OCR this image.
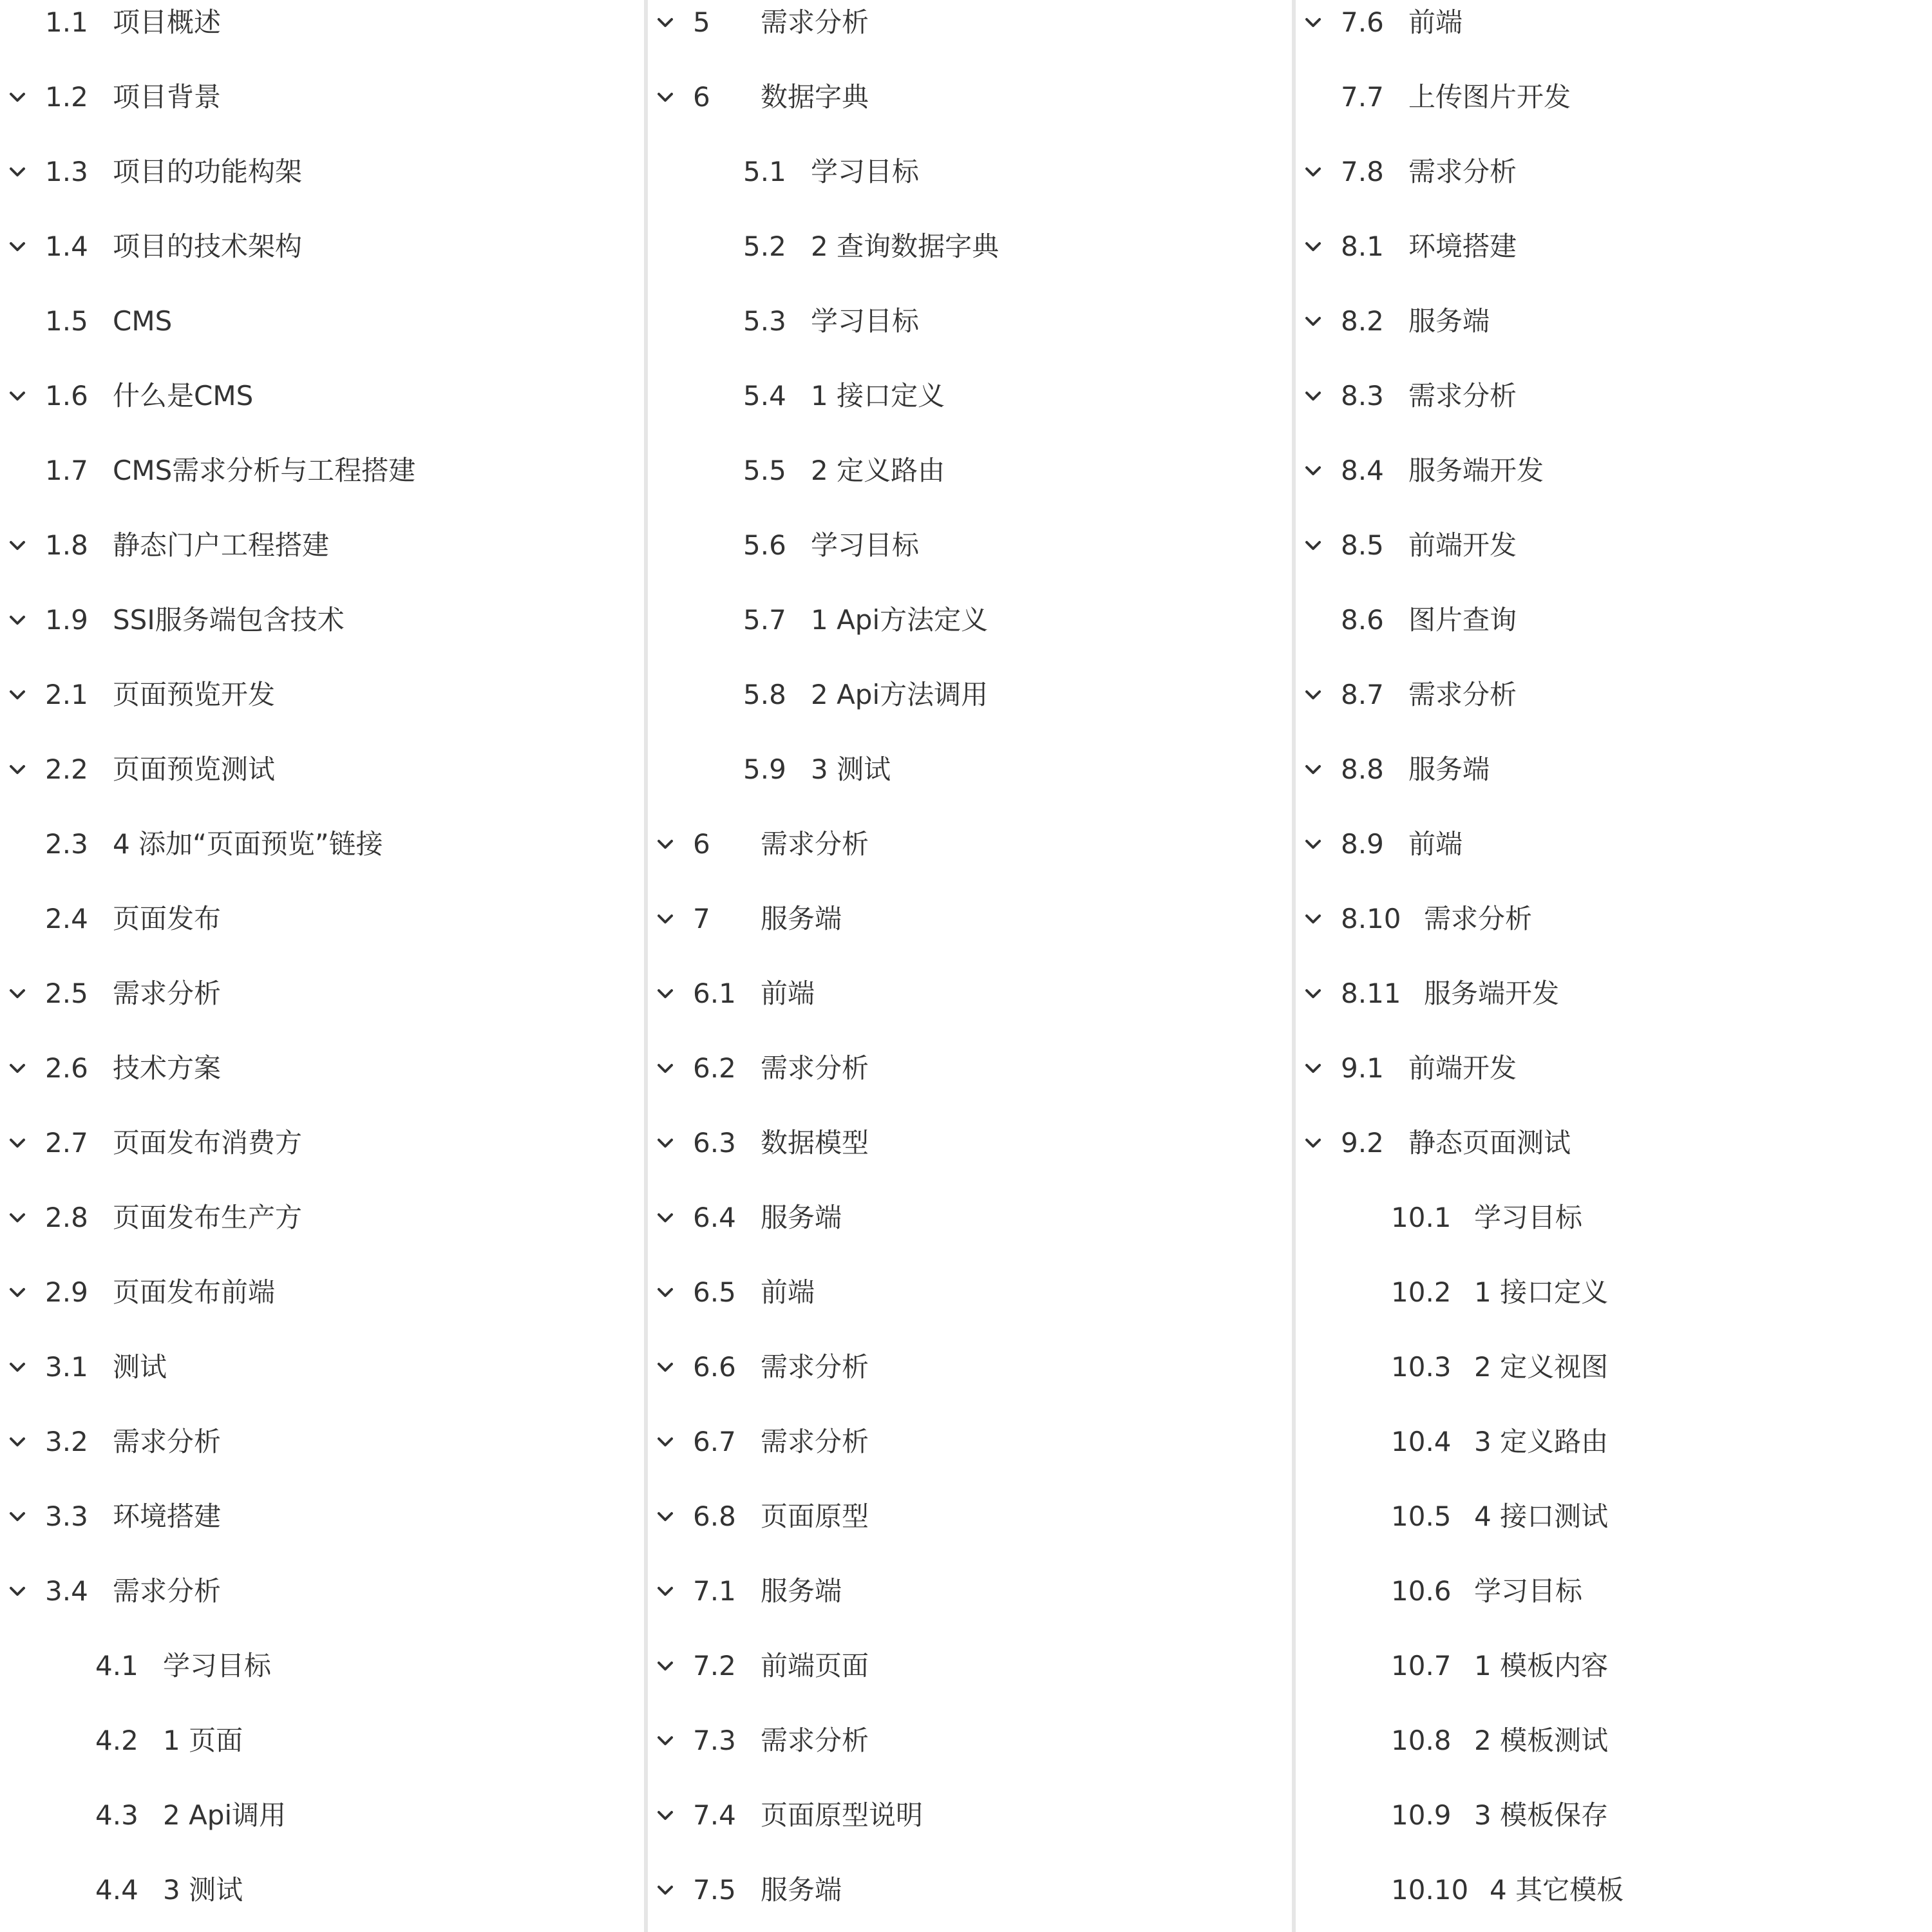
1.1 项目概述
1.2 项目背景
1.3 项目的功能构架
1.4 项目的技术架构
1.5 CMS
1.6 什么是CMS
1.7 CMS需求分析与工程搭建
1.8 静态门户工程搭建
1.9 SSI服务端包含技术
2.1 页面预览开发
2.2 页面预览测试
2.3 4 添加“页面预览”链接
2.4 页面发布
2.5 需求分析
2.6 技术方案
2.7 页面发布消费方
2.8 页面发布生产方
2.9 页面发布前端
3.1 测试
3.2 需求分析
3.3 环境搭建
3.4 需求分析
4.1 学习目标
4.2 1 页面
4.3 2 Api调用
4.4 3 测试
5 需求分析
6 数据字典
5.1 学习目标
5.2 2 查询数据字典
5.3 学习目标
5.4 1 接口定义
5.5 2 定义路由
5.6 学习目标
5.7 1 Api方法定义
5.8 2 Api方法调用
5.9 3 测试
6 需求分析
7 服务端
6.1 前端
6.2 需求分析
6.3 数据模型
6.4 服务端
6.5 前端
6.6 需求分析
6.7 需求分析
6.8 页面原型
7.1 服务端
7.2 前端页面
7.3 需求分析
7.4 页面原型说明
7.5 服务端
7.6 前端
7.7 上传图片开发
7.8 需求分析
8.1 环境搭建
8.2 服务端
8.3 需求分析
8.4 服务端开发
8.5 前端开发
8.6 图片查询
8.7 需求分析
8.8 服务端
8.9 前端
8.10 需求分析
8.11 服务端开发
9.1 前端开发
9.2 静态页面测试
10.1 学习目标
10.2 1 接口定义
10.3 2 定义视图
10.4 3 定义路由
10.5 4 接口测试
10.6 学习目标
10.7 1 模板内容
10.8 2 模板测试
10.9 3 模板保存
10.10 4 其它模板
